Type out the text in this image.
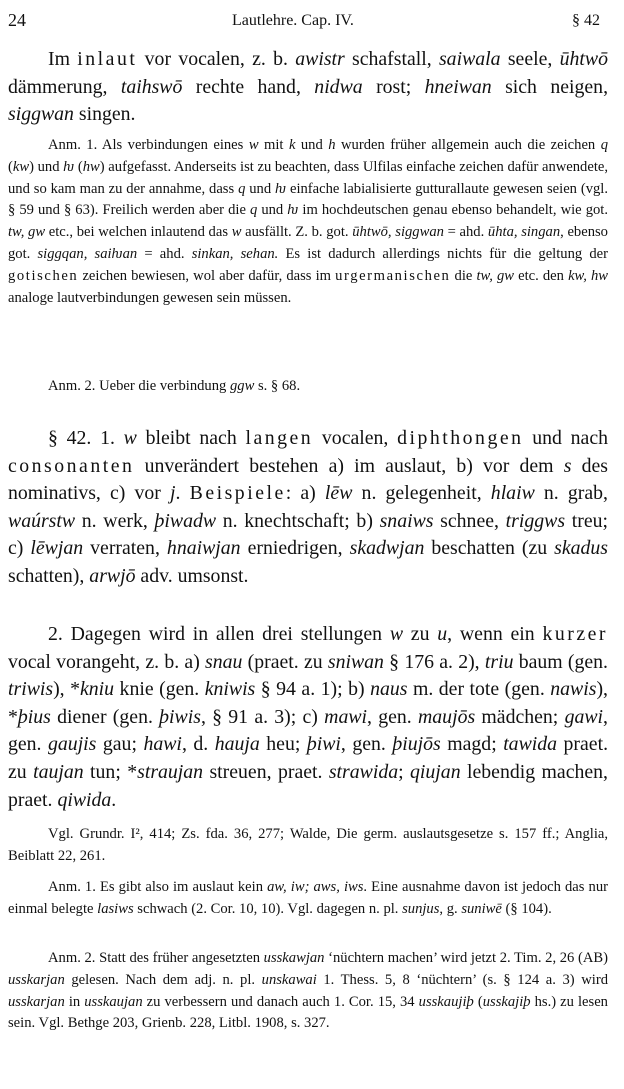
24	Lautlehre. Cap. IV.	§ 42

Im inlaut vor vocalen, z. b. awistr schafstall, saiwala seele, ūhtwō dämmerung, taihswō rechte hand, nidwa rost; hneiwan sich neigen, siggwan singen.

Anm. 1. Als verbindungen eines w mit k und h wurden früher allgemein auch die zeichen q (kw) und ƕ (hw) aufgefasst. Anderseits ist zu beachten, dass Ulfilas einfache zeichen dafür anwendete, und so kam man zu der annahme, dass q und ƕ einfache labialisierte gutturallaute gewesen seien (vgl. § 59 und § 63). Freilich werden aber die q und ƕ im hochdeutschen genau ebenso behandelt, wie got. tw, gw etc., bei welchen inlautend das w ausfällt. Z. b. got. ūhtwō, siggwan = ahd. ūhta, singan, ebenso got. siggqan, saiƕan = ahd. sinkan, sehan. Es ist dadurch allerdings nichts für die geltung der gotischen zeichen bewiesen, wol aber dafür, dass im urgermanischen die tw, gw etc. den kw, hw analoge lautverbindungen gewesen sein müssen.

Anm. 2. Ueber die verbindung ggw s. § 68.

§ 42. 1. w bleibt nach langen vocalen, diphthongen und nach consonanten unverändert bestehen a) im auslaut, b) vor dem s des nominativs, c) vor j. Beispiele: a) lēw n. gelegenheit, hlaiw n. grab, waúrstw n. werk, þiwadw n. knechtschaft; b) snaiws schnee, triggws treu; c) lēwjan verraten, hnaiwjan erniedrigen, skadwjan beschatten (zu skadus schatten), arwjō adv. umsonst.

2. Dagegen wird in allen drei stellungen w zu u, wenn ein kurzer vocal vorangeht, z. b. a) snau (praet. zu sniwan § 176 a. 2), triu baum (gen. triwis), *kniu knie (gen. kniwis § 94 a. 1); b) naus m. der tote (gen. nawis), *þius diener (gen. þiwis, § 91 a. 3); c) mawi, gen. maujōs mädchen; gawi, gen. gaujis gau; hawi, d. hauja heu; þiwi, gen. þiujōs magd; tawida praet. zu taujan tun; *straujan streuen, praet. strawida; qiujan lebendig machen, praet. qiwida.

Vgl. Grundr. I², 414; Zs. fda. 36, 277; Walde, Die germ. auslautsgesetze s. 157 ff.; Anglia, Beiblatt 22, 261.

Anm. 1. Es gibt also im auslaut kein aw, iw; aws, iws. Eine ausnahme davon ist jedoch das nur einmal belegte lasiws schwach (2. Cor. 10, 10). Vgl. dagegen n. pl. sunjus, g. suniwē (§ 104).

Anm. 2. Statt des früher angesetzten usskawjan ‘nüchtern machen’ wird jetzt 2. Tim. 2, 26 (AB) usskarjan gelesen. Nach dem adj. n. pl. unskawai 1. Thess. 5, 8 ‘nüchtern’ (s. § 124 a. 3) wird usskarjan in usskaujan zu verbessern und danach auch 1. Cor. 15, 34 usskaujiþ (usskajiþ hs.) zu lesen sein. Vgl. Bethge 203, Grienb. 228, Litbl. 1908, s. 327.
